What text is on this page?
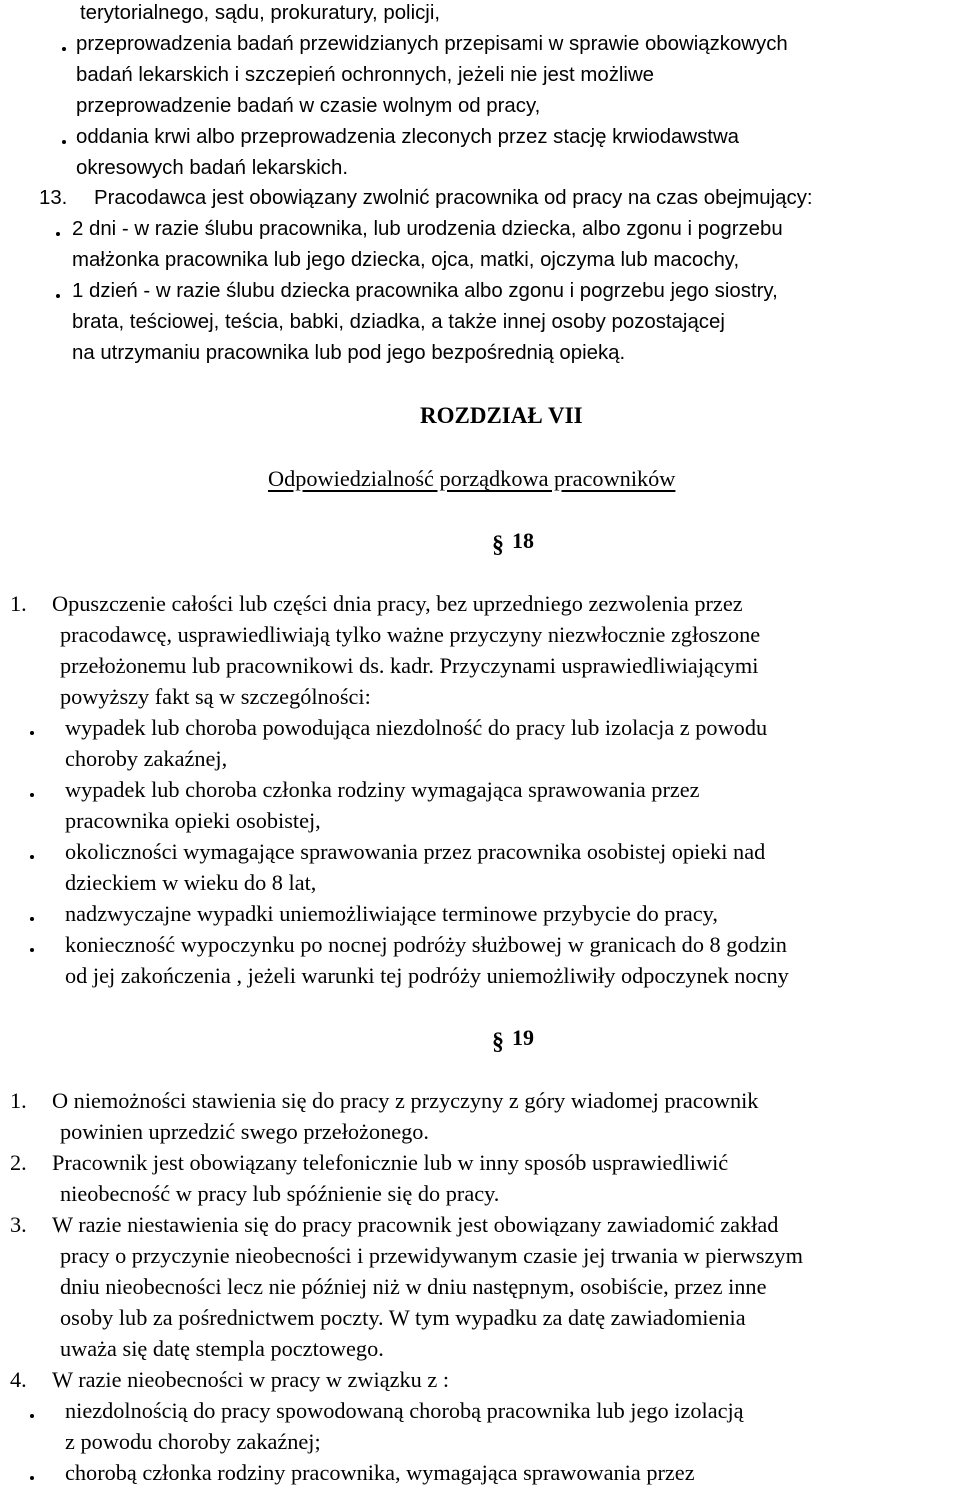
terytorialnego, sądu, prokuratury, policji,
przeprowadzenia badań przewidzianych przepisami w sprawie obowiązkowych
badań lekarskich i szczepień ochronnych, jeżeli nie jest możliwe
przeprowadzenie badań w czasie wolnym od pracy,
oddania krwi albo przeprowadzenia zleconych przez stację krwiodawstwa
okresowych badań lekarskich.
13. Pracodawca jest obowiązany zwolnić pracownika od pracy na czas obejmujący:
2 dni - w razie ślubu pracownika, lub urodzenia dziecka, albo zgonu i pogrzebu
małżonka pracownika lub jego dziecka, ojca, matki, ojczyma lub macochy,
1 dzień - w razie ślubu dziecka pracownika albo zgonu i pogrzebu jego siostry,
brata, teściowej, teścia, babki, dziadka, a także innej osoby pozostającej
na utrzymaniu pracownika lub pod jego bezpośrednią opieką.
ROZDZIAŁ VII
Odpowiedzialność porządkowa pracowników
§ 18
1. Opuszczenie całości lub części dnia pracy, bez uprzedniego zezwolenia przez
pracodawcę, usprawiedliwiają tylko ważne przyczyny niezwłocznie zgłoszone
przełożonemu lub pracownikowi ds. kadr. Przyczynami usprawiedliwiającymi
powyższy fakt są w szczególności:
wypadek lub choroba powodująca niezdolność do pracy lub izolacja z powodu
choroby zakaźnej,
wypadek lub choroba członka rodziny wymagająca sprawowania przez
pracownika opieki osobistej,
okoliczności wymagające sprawowania przez pracownika osobistej opieki nad
dzieckiem w wieku do 8 lat,
nadzwyczajne wypadki uniemożliwiające terminowe przybycie do pracy,
konieczność wypoczynku po nocnej podróży służbowej w granicach do 8 godzin
od jej zakończenia , jeżeli warunki tej podróży uniemożliwiły odpoczynek nocny
§ 19
1. O niemożności stawienia się do pracy z przyczyny z góry wiadomej pracownik
powinien uprzedzić swego przełożonego.
2. Pracownik jest obowiązany telefonicznie lub w inny sposób usprawiedliwić
nieobecność w pracy lub spóźnienie się do pracy.
3. W razie niestawienia się do pracy pracownik jest obowiązany zawiadomić zakład
pracy o przyczynie nieobecności i przewidywanym czasie jej trwania w pierwszym
dniu nieobecności lecz nie później niż w dniu następnym, osobiście, przez inne
osoby lub za pośrednictwem poczty. W tym wypadku za datę zawiadomienia
uważa się datę stempla pocztowego.
4. W razie nieobecności w pracy w związku z :
niezdolnością do pracy spowodowaną chorobą pracownika lub jego izolacją
z powodu choroby zakaźnej;
chorobą członka rodziny pracownika, wymagająca sprawowania przez
